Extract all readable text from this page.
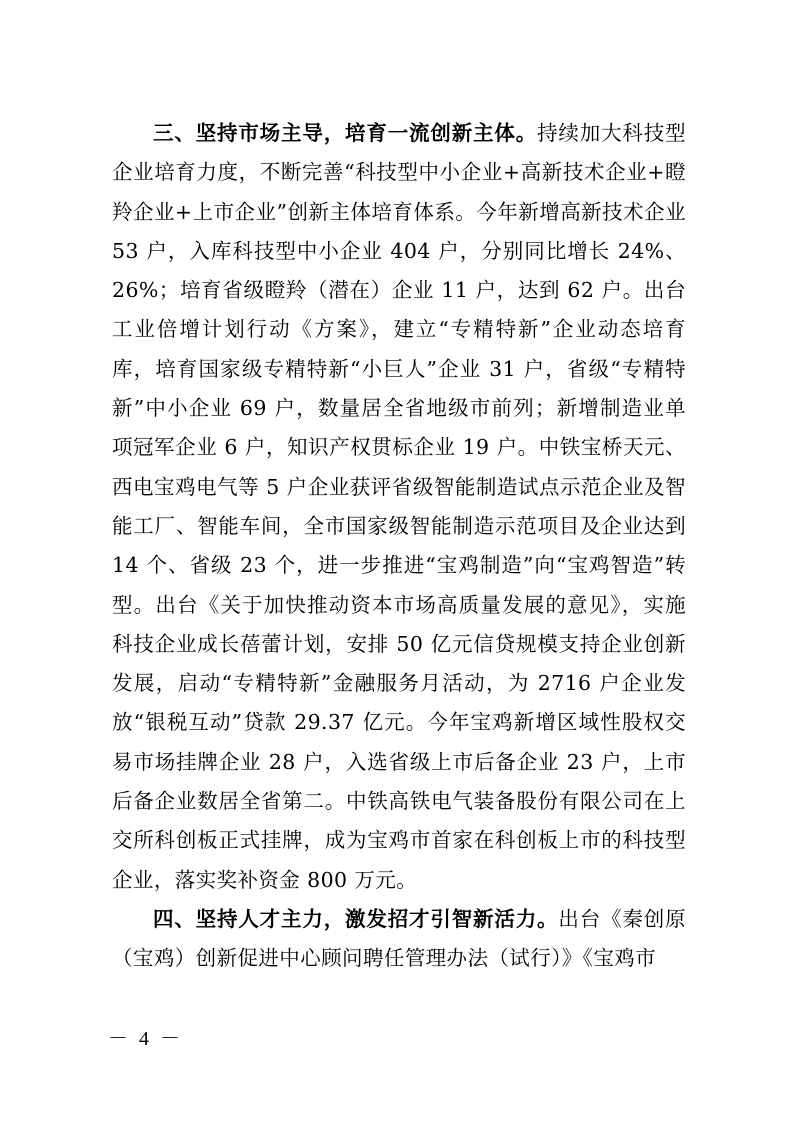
三、坚持市场主导，培育一流创新主体。持续加大科技型企业培育力度，不断完善“科技型中小企业+高新技术企业+瞪羚企业+上市企业”创新主体培育体系。今年新增高新技术企业 53 户，入库科技型中小企业 404 户，分别同比增长 24%、26%；培育省级瞪羚（潜在）企业 11 户，达到 62 户。出台工业倍增计划行动《方案》，建立“专精特新”企业动态培育库，培育国家级专精特新“小巨人”企业 31 户，省级“专精特新”中小企业 69 户，数量居全省地级市前列；新增制造业单项冠军企业 6 户，知识产权贯标企业 19 户。中铁宝桥天元、西电宝鸡电气等 5 户企业获评省级智能制造试点示范企业及智能工厂、智能车间，全市国家级智能制造示范项目及企业达到 14 个、省级 23 个，进一步推进“宝鸡制造”向“宝鸡智造”转型。出台《关于加快推动资本市场高质量发展的意见》，实施科技企业成长蓓蕾计划，安排 50 亿元信贷规模支持企业创新发展，启动“专精特新”金融服务月活动，为 2716 户企业发放“银税互动”贷款 29.37 亿元。今年宝鸡新增区域性股权交易市场挂牌企业 28 户，入选省级上市后备企业 23 户，上市后备企业数居全省第二。中铁高铁电气装备股份有限公司在上交所科创板正式挂牌，成为宝鸡市首家在科创板上市的科技型企业，落实奖补资金 800 万元。

四、坚持人才主力，激发招才引智新活力。出台《秦创原（宝鸡）创新促进中心顾问聘任管理办法（试行）》《宝鸡市

－ 4 －
